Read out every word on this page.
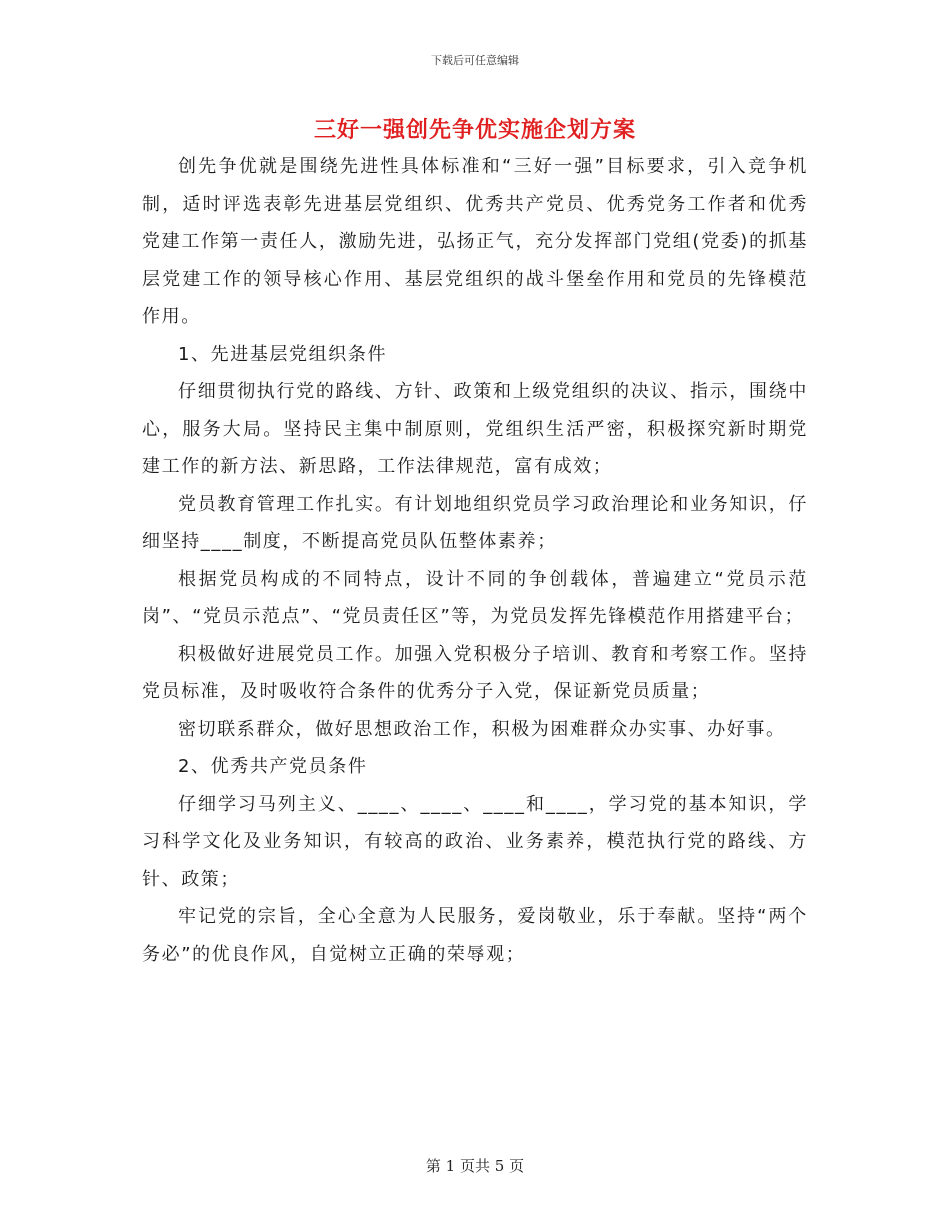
下载后可任意编辑
三好一强创先争优实施企划方案

创先争优就是围绕先进性具体标准和“三好一强”目标要求，引入竞争机制，适时评选表彰先进基层党组织、优秀共产党员、优秀党务工作者和优秀党建工作第一责任人，激励先进，弘扬正气，充分发挥部门党组(党委)的抓基层党建工作的领导核心作用、基层党组织的战斗堡垒作用和党员的先锋模范作用。

1、先进基层党组织条件

仔细贯彻执行党的路线、方针、政策和上级党组织的决议、指示，围绕中心，服务大局。坚持民主集中制原则，党组织生活严密，积极探究新时期党建工作的新方法、新思路，工作法律规范，富有成效；

党员教育管理工作扎实。有计划地组织党员学习政治理论和业务知识，仔细坚持____制度，不断提高党员队伍整体素养；

根据党员构成的不同特点，设计不同的争创载体，普遍建立“党员示范岗”、“党员示范点”、“党员责任区”等，为党员发挥先锋模范作用搭建平台；

积极做好进展党员工作。加强入党积极分子培训、教育和考察工作。坚持党员标准，及时吸收符合条件的优秀分子入党，保证新党员质量；

密切联系群众，做好思想政治工作，积极为困难群众办实事、办好事。

2、优秀共产党员条件

仔细学习马列主义、____、____、____和____，学习党的基本知识，学习科学文化及业务知识，有较高的政治、业务素养，模范执行党的路线、方针、政策；

牢记党的宗旨，全心全意为人民服务，爱岗敬业，乐于奉献。坚持“两个务必”的优良作风，自觉树立正确的荣辱观；

第 1 页共 5 页
